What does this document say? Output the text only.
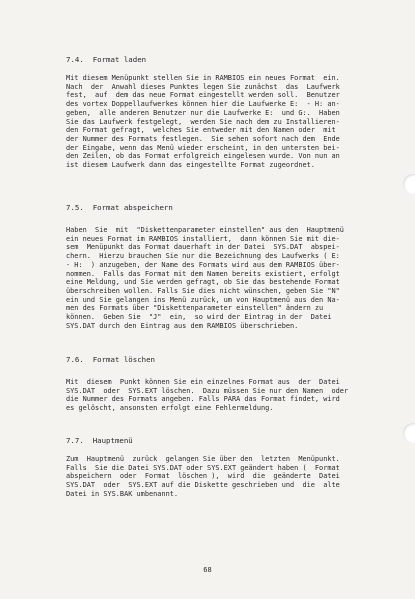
7.4.  Format laden
Mit diesem Menüpunkt stellen Sie in RAMBIOS ein neues Format  ein.
Nach  der  Anwahl dieses Punktes legen Sie zunächst  das  Laufwerk
fest,  auf  dem das neue Format eingestellt werden soll.  Benutzer
des vortex Doppellaufwerkes können hier die Laufwerke E:  - H: an-
geben,  alle anderen Benutzer nur die Laufwerke E:  und G:.  Haben
Sie das Laufwerk festgelegt,  werden Sie nach dem zu Installieren-
den Format gefragt,  welches Sie entweder mit den Namen oder  mit
der Nummer des Formats festlegen.  Sie sehen sofort nach dem  Ende
der Eingabe, wenn das Menü wieder erscheint, in den untersten bei-
den Zeilen, ob das Format erfolgreich eingelesen wurde. Von nun an
ist diesem Laufwerk dann das eingestellte Format zugeordnet.
7.5.  Format abspeichern
Haben  Sie  mit  "Diskettenparameter einstellen" aus den  Hauptmenü
ein neues Format im RAMBIOS installiert,  dann können Sie mit die-
sem  Menüpunkt das Format dauerhaft in der Datei  SYS.DAT  abspei-
chern.  Hierzu brauchen Sie nur die Bezeichnung des Laufwerks ( E:
- H:  ) anzugeben, der Name des Formats wird aus dem RAMBIOS über-
nommen.  Falls das Format mit dem Namen bereits existiert, erfolgt
eine Meldung, und Sie werden gefragt, ob Sie das bestehende Format
überschreiben wollen. Falls Sie dies nicht wünschen, geben Sie "N"
ein und Sie gelangen ins Menü zurück, um von Hauptmenü aus den Na-
men des Formats über "Diskettenparameter einstellen" ändern zu
können.  Geben Sie  "J"  ein,  so wird der Eintrag in der  Datei
SYS.DAT durch den Eintrag aus dem RAMBIOS überschrieben.
7.6.  Format löschen
Mit  diesem  Punkt können Sie ein einzelnes Format aus  der  Datei
SYS.DAT  oder  SYS.EXT löschen.  Dazu müssen Sie nur den Namen  oder
die Nummer des Formats angeben. Falls PARA das Format findet, wird
es gelöscht, ansonsten erfolgt eine Fehlermeldung.
7.7.  Hauptmenü
Zum  Hauptmenü  zurück  gelangen Sie über den  letzten  Menüpunkt.
Falls  Sie die Datei SYS.DAT oder SYS.EXT geändert haben (  Format
abspeichern  oder  Format  löschen ),  wird  die  geänderte  Datei
SYS.DAT  oder  SYS.EXT auf die Diskette geschrieben und  die  alte
Datei in SYS.BAK umbenannt.
68
